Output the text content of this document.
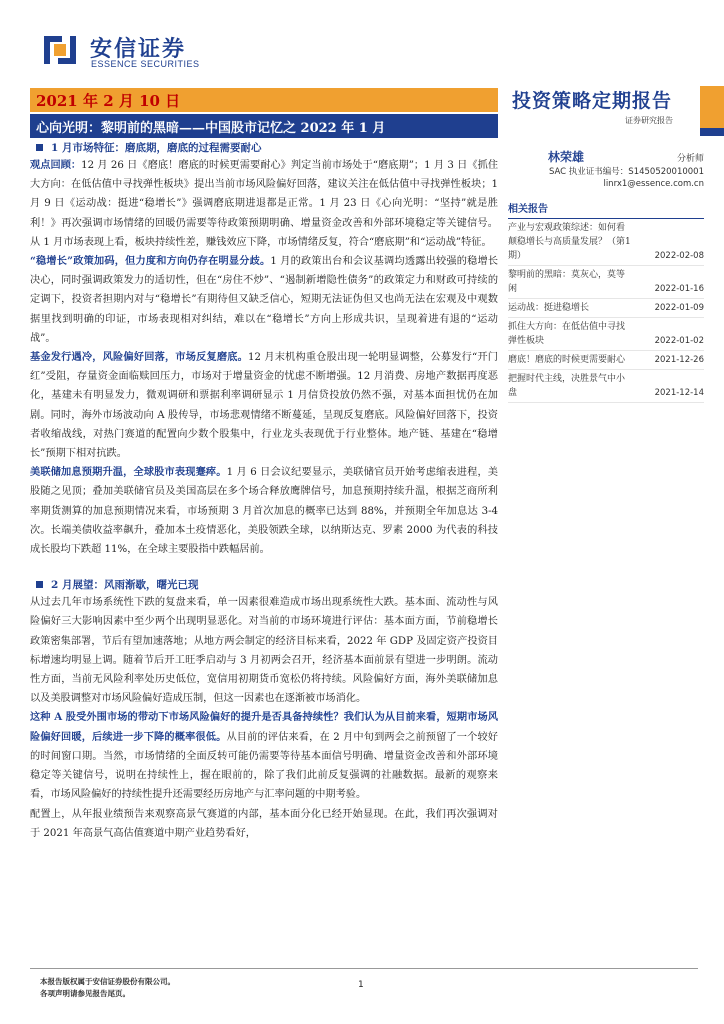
安信证券
ESSENCE SECURITIES
2021 年 2 月 10 日
心向光明：黎明前的黑暗——中国股市记忆之 2022 年 1 月
投资策略定期报告
证券研究报告
1 月市场特征：磨底期，磨底的过程需要耐心

观点回顾：12 月 26 日《磨底！磨底的时候更需要耐心》判定当前市场处于“磨底期”；1 月 3 日《抓住大方向：在低估值中寻找弹性板块》提出当前市场风险偏好回落，建议关注在低估值中寻找弹性板块；1 月 9 日《运动战：挺进“稳增长”》强调磨底期进退都是正常。1 月 23 日《心向光明：“坚持”就是胜利！》再次强调市场情绪的回暖仍需要等待政策预期明确、增量资金改善和外部环境稳定等关键信号。从 1 月市场表现上看，板块持续性差，赚钱效应下降，市场情绪反复，符合“磨底期”和“运动战”特征。

“稳增长”政策加码，但力度和方向仍存在明显分歧。1 月的政策出台和会议基调均透露出较强的稳增长决心，同时强调政策发力的适切性，但在“房住不炒”、“遏制新增隐性债务”的政策定力和财政可持续的定调下，投资者担期内对与“稳增长”有期待但又缺乏信心，短期无法证伪但又也尚无法在宏观及中观数据里找到明确的印证，市场表现相对纠结，难以在“稳增长”方向上形成共识，呈现着进有退的“运动战”。

基金发行遇冷，风险偏好回落，市场反复磨底。12 月末机构重仓股出现一轮明显调整，公募发行“开门红”受阻，存量资金面临赎回压力，市场对于增量资金的忧虑不断增强。12 月消费、房地产数据再度恶化，基建未有明显发力，微观调研和票据利率调研显示 1 月信贷投放仍然不强，对基本面担忧仍在加剧。同时，海外市场波动向 A 股传导，市场悲观情绪不断蔓延，呈现反复磨底。风险偏好回落下，投资者收缩战线，对热门赛道的配置向少数个股集中，行业龙头表现优于行业整体。地产链、基建在“稳增长”预期下相对抗跌。

美联储加息预期升温，全球股市表现蹇瘁。1 月 6 日会议纪要显示，美联储官员开始考虑缩表进程，美股随之见顶；叠加美联储官员及美国高层在多个场合释放鹰牌信号，加息预期持续升温，根据芝商所利率期货测算的加息预期情况来看，市场预期 3 月首次加息的概率已达到 88%，并预期全年加息达 3-4 次。长端美债收益率飙升，叠加本土疫情恶化，美股领跌全球，以纳斯达克、罗素 2000 为代表的科技成长股均下跌超 11%，在全球主要股指中跌幅居前。

2 月展望：风雨渐歇，曙光已现

从过去几年市场系统性下跌的复盘来看，单一因素很难造成市场出现系统性大跌。基本面、流动性与风险偏好三大影响因素中至少两个出现明显恶化。对当前的市场环境进行评估：基本面方面，节前稳增长政策密集部署，节后有望加速落地；从地方两会制定的经济目标来看，2022 年 GDP 及固定资产投资目标增速均明显上调。随着节后开工旺季启动与 3 月初两会召开，经济基本面前景有望进一步明朗。流动性方面，当前无风险利率处历史低位，宽信用初期货币宽松仍将持续。风险偏好方面，海外美联储加息以及美股调整对市场风险偏好造成压制，但这一因素也在逐渐被市场消化。

这种 A 股受外围市场的带动下市场风险偏好的提升是否具备持续性？我们认为从目前来看，短期市场风险偏好回暖，后续进一步下降的概率很低。从目前的评估来看，在 2 月中旬到两会之前预留了一个较好的时间窗口期。当然，市场情绪的全面反转可能仍需要等待基本面信号明确、增量资金改善和外部环境稳定等关键信号，说明在持续性上，握在眼前的，除了我们此前反复强调的社融数据。最新的观察来看，市场风险偏好的持续性提升还需要经历房地产与汇率问题的中期考验。

配置上，从年报业绩预告来观察高景气赛道的内部，基本面分化已经开始显现。在此，我们再次强调对于 2021 年高景气高估值赛道中期产业趋势看好，

林荣雄	分析师
SAC 执业证书编号：S1450520010001
linrx1@essence.com.cn
相关报告
产业与宏观政策综述：如何看颠稳增长与高质量发展？（第1期）	2022-02-08
黎明前的黑暗：莫灰心，莫等闲	2022-01-16
运动战：挺进稳增长	2022-01-09
抓住大方向：在低估值中寻找弹性板块	2022-01-02
磨底！磨底的时候更需要耐心	2021-12-26
把握时代主线，决胜景气中小盘	2021-12-14
本报告版权属于安信证券股份有限公司。
各项声明请参见报告尾页。
1
